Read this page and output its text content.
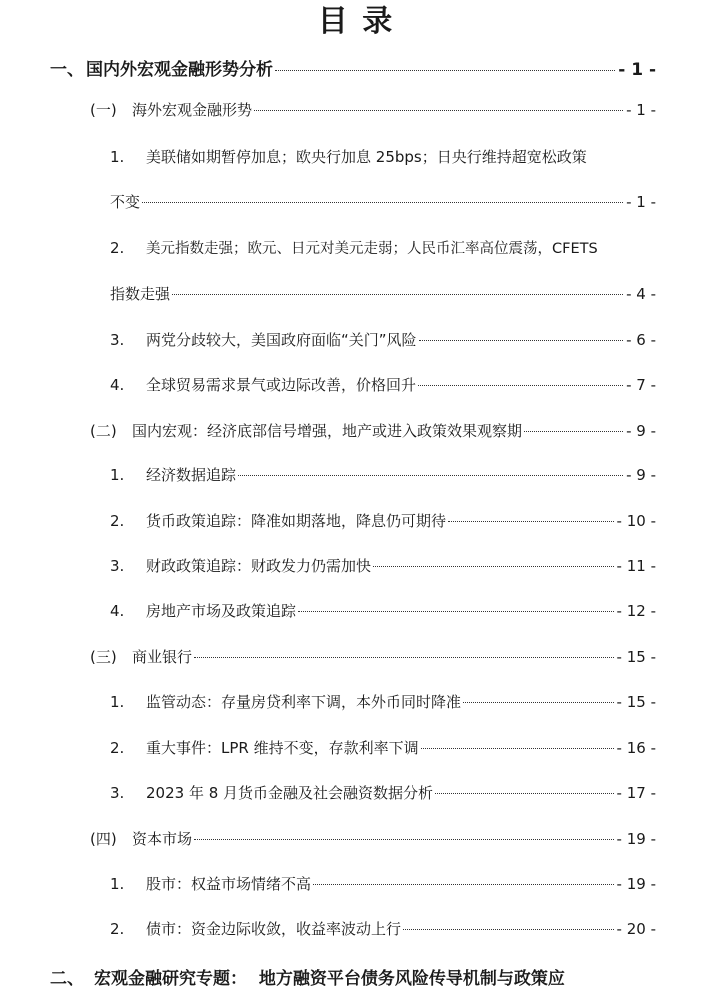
目 录
一、 国内外宏观金融形势分析	- 1 -
(一)	海外宏观金融形势	- 1 -
1.	美联储如期暂停加息；欧央行加息 25bps；日央行维持超宽松政策
不变	- 1 -
2.	美元指数走强；欧元、日元对美元走弱；人民币汇率高位震荡，CFETS
指数走强	- 4 -
3.	两党分歧较大，美国政府面临“关门”风险	- 6 -
4.	全球贸易需求景气或边际改善，价格回升	- 7 -
(二)	国内宏观：经济底部信号增强，地产或进入政策效果观察期	- 9 -
1.	经济数据追踪	- 9 -
2.	货币政策追踪：降准如期落地，降息仍可期待	- 10 -
3.	财政政策追踪：财政发力仍需加快	- 11 -
4.	房地产市场及政策追踪	- 12 -
(三)	商业银行	- 15 -
1.	监管动态：存量房贷利率下调，本外币同时降准	- 15 -
2.	重大事件：LPR 维持不变，存款利率下调	- 16 -
3.	2023 年 8 月货币金融及社会融资数据分析	- 17 -
(四)	资本市场	- 19 -
1.	股市：权益市场情绪不高	- 19 -
2.	债市：资金边际收敛，收益率波动上行	- 20 -
二、 宏观金融研究专题：  地方融资平台债务风险传导机制与政策应
